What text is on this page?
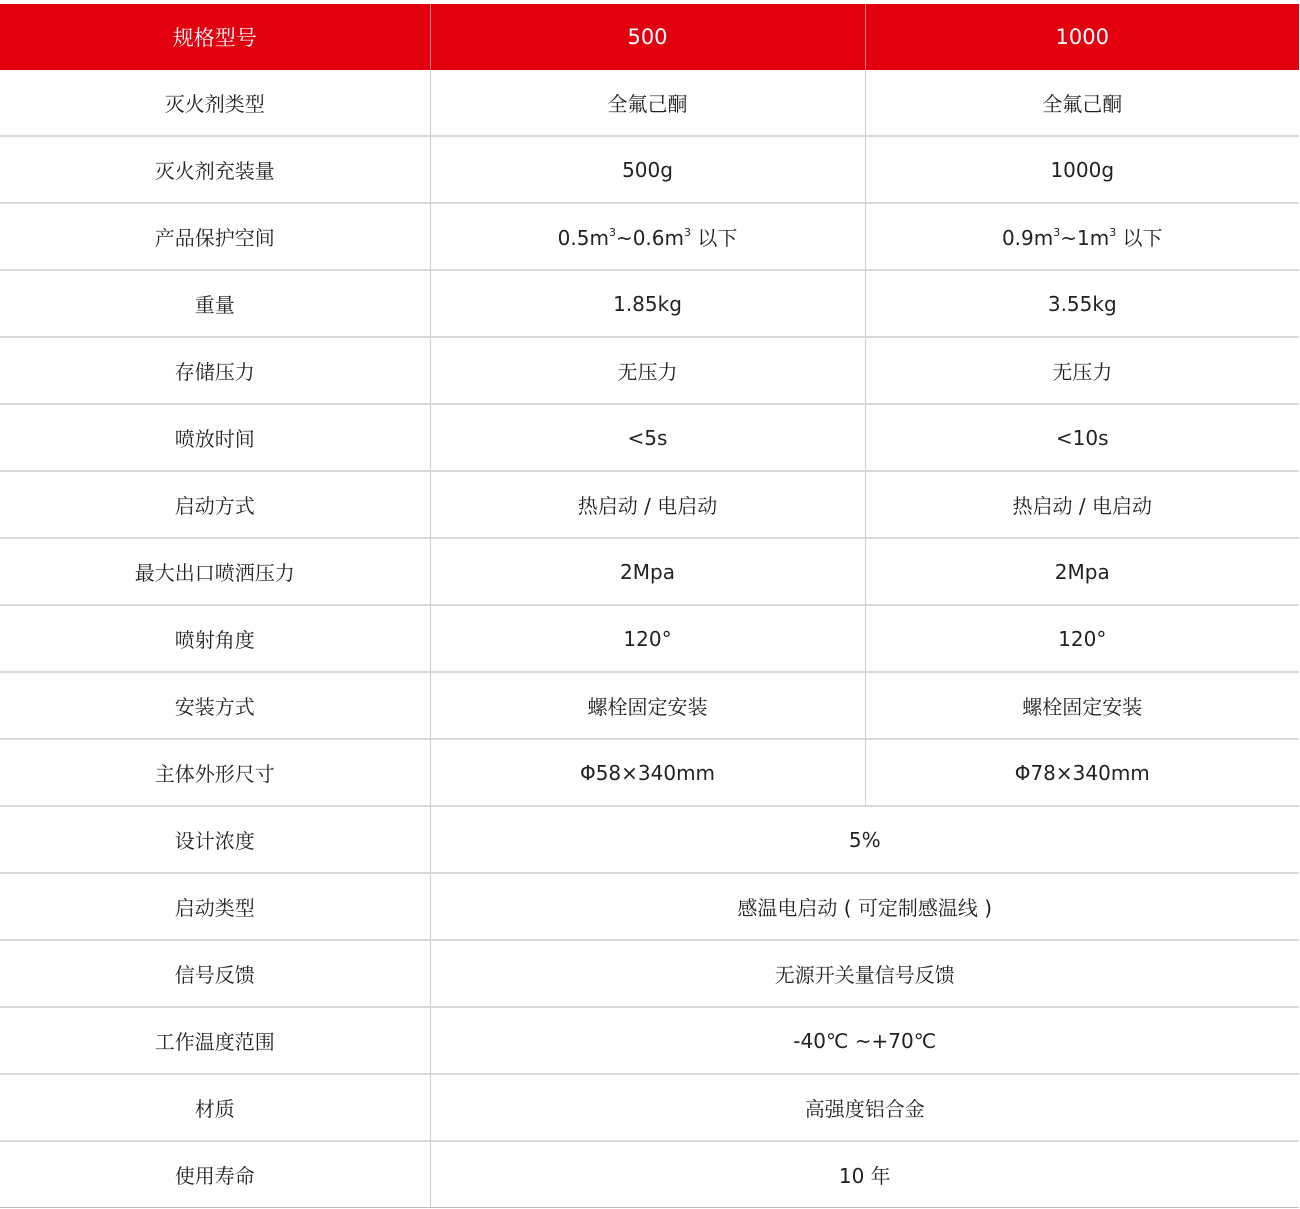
规格型号	500	1000
灭火剂类型	全氟己酮	全氟己酮
灭火剂充装量	500g	1000g
产品保护空间	$0.5m^3\sim 0.6m^3$ 以下	$0.9m^3\sim 1m^3$ 以下
重量	1.85kg	3.55kg
存储压力	无压力	无压力
喷放时间	<5s	<10s
启动方式	热启动 / 电启动	热启动 / 电启动
最大出口喷洒压力	2Mpa	2Mpa
喷射角度	120°	120°
安装方式	螺栓固定安装	螺栓固定安装
主体外形尺寸	Φ58×340mm	Φ78×340mm
设计浓度	5%	
启动类型	感温电启动 ( 可定制感温线 )	
信号反馈	无源开关量信号反馈	
工作温度范围	-40℃ ~+70℃	
材质	高强度铝合金	
使用寿命	10 年	
